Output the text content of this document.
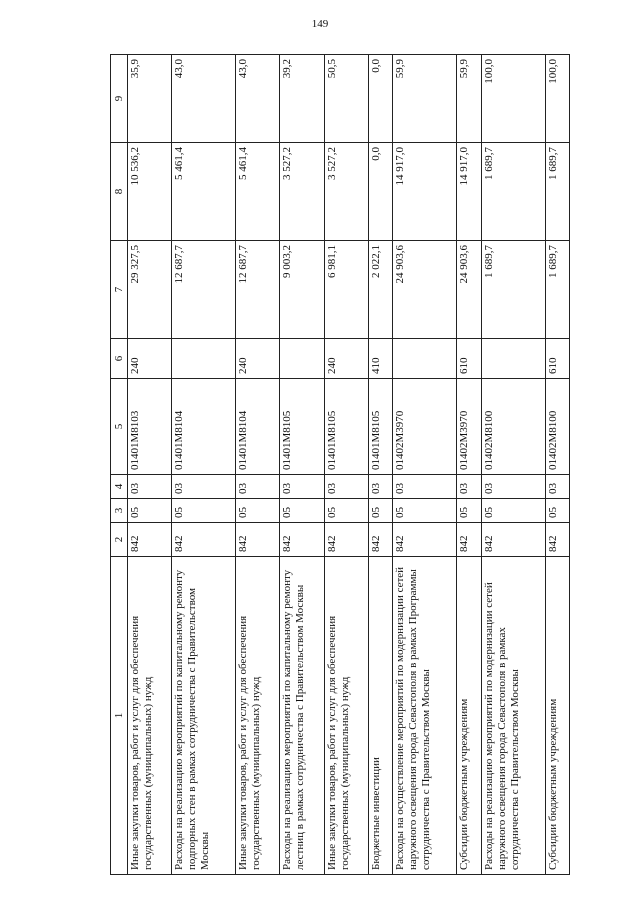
149
1	2	3	4	5	6	7	8	9
Иные закупки товаров, работ и услуг для обеспечения государственных (муниципальных) нужд	842	05	03	01401М8103	240	29 327,5	10 536,2	35,9
Расходы на реализацию мероприятий по капитальному ремонту подпорных стен в рамках сотрудничества с Правительством Москвы	842	05	03	01401М8104		12 687,7	5 461,4	43,0
Иные закупки товаров, работ и услуг для обеспечения государственных (муниципальных) нужд	842	05	03	01401М8104	240	12 687,7	5 461,4	43,0
Расходы на реализацию мероприятий по капитальному ремонту лестниц в рамках сотрудничества с Правительством Москвы	842	05	03	01401М8105		9 003,2	3 527,2	39,2
Иные закупки товаров, работ и услуг для обеспечения государственных (муниципальных) нужд	842	05	03	01401М8105	240	6 981,1	3 527,2	50,5
Бюджетные инвестиции	842	05	03	01401М8105	410	2 022,1	0,0	0,0
Расходы на осуществление мероприятий по модернизации сетей наружного освещения города Севастополя в рамках Программы сотрудничества с Правительством Москвы	842	05	03	01402М3970		24 903,6	14 917,0	59,9
Субсидии бюджетным учреждениям	842	05	03	01402М3970	610	24 903,6	14 917,0	59,9
Расходы на реализацию мероприятий по модернизации сетей наружного освещения города Севастополя в рамках сотрудничества с Правительством Москвы	842	05	03	01402М8100		1 689,7	1 689,7	100,0
Субсидии бюджетным учреждениям	842	05	03	01402М8100	610	1 689,7	1 689,7	100,0
